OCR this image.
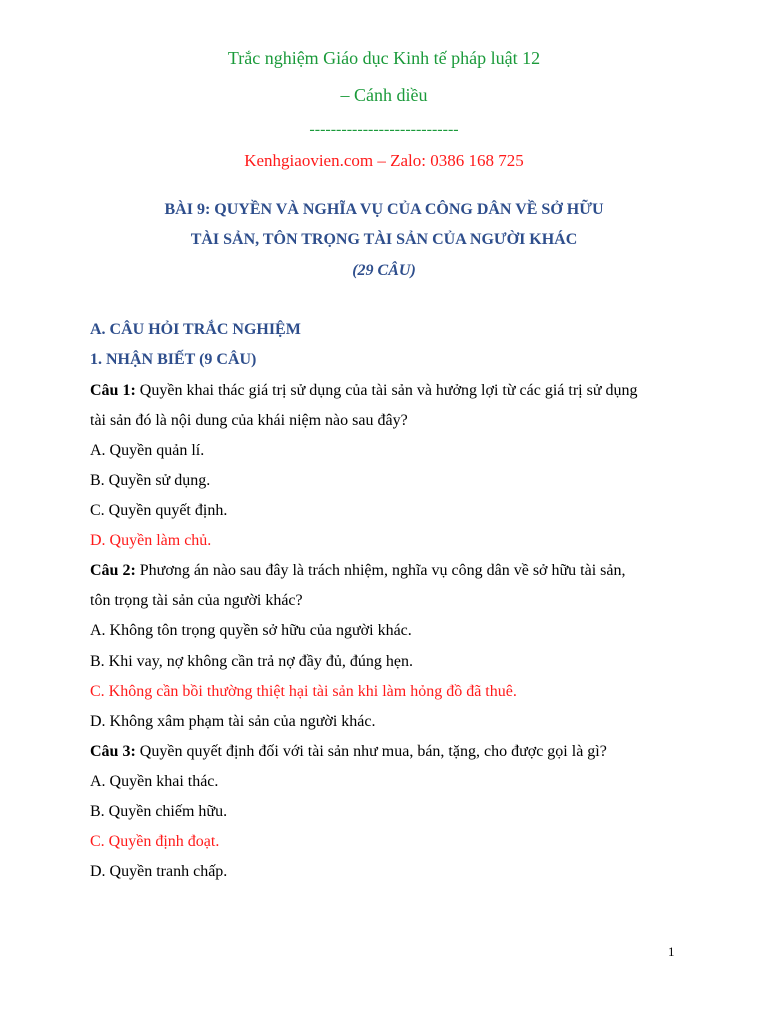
Trắc nghiệm Giáo dục Kinh tế pháp luật 12
– Cánh diều
----------------------------
Kenhgiaovien.com – Zalo: 0386 168 725
BÀI 9: QUYỀN VÀ NGHĨA VỤ CỦA CÔNG DÂN VỀ SỞ HỮU
TÀI SẢN, TÔN TRỌNG TÀI SẢN CỦA NGƯỜI KHÁC
(29 CÂU)
A. CÂU HỎI TRẮC NGHIỆM
1. NHẬN BIẾT (9 CÂU)
Câu 1: Quyền khai thác giá trị sử dụng của tài sản và hưởng lợi từ các giá trị sử dụng
tài sản đó là nội dung của khái niệm nào sau đây?
A. Quyền quản lí.
B. Quyền sử dụng.
C. Quyền quyết định.
D. Quyền làm chủ.
Câu 2: Phương án nào sau đây là trách nhiệm, nghĩa vụ công dân về sở hữu tài sản,
tôn trọng tài sản của người khác?
A. Không tôn trọng quyền sở hữu của người khác.
B. Khi vay, nợ không cần trả nợ đầy đủ, đúng hẹn.
C. Không cần bồi thường thiệt hại tài sản khi làm hỏng đồ đã thuê.
D. Không xâm phạm tài sản của người khác.
Câu 3: Quyền quyết định đối với tài sản như mua, bán, tặng, cho được gọi là gì?
A. Quyền khai thác.
B. Quyền chiếm hữu.
C. Quyền định đoạt.
D. Quyền tranh chấp.
1
